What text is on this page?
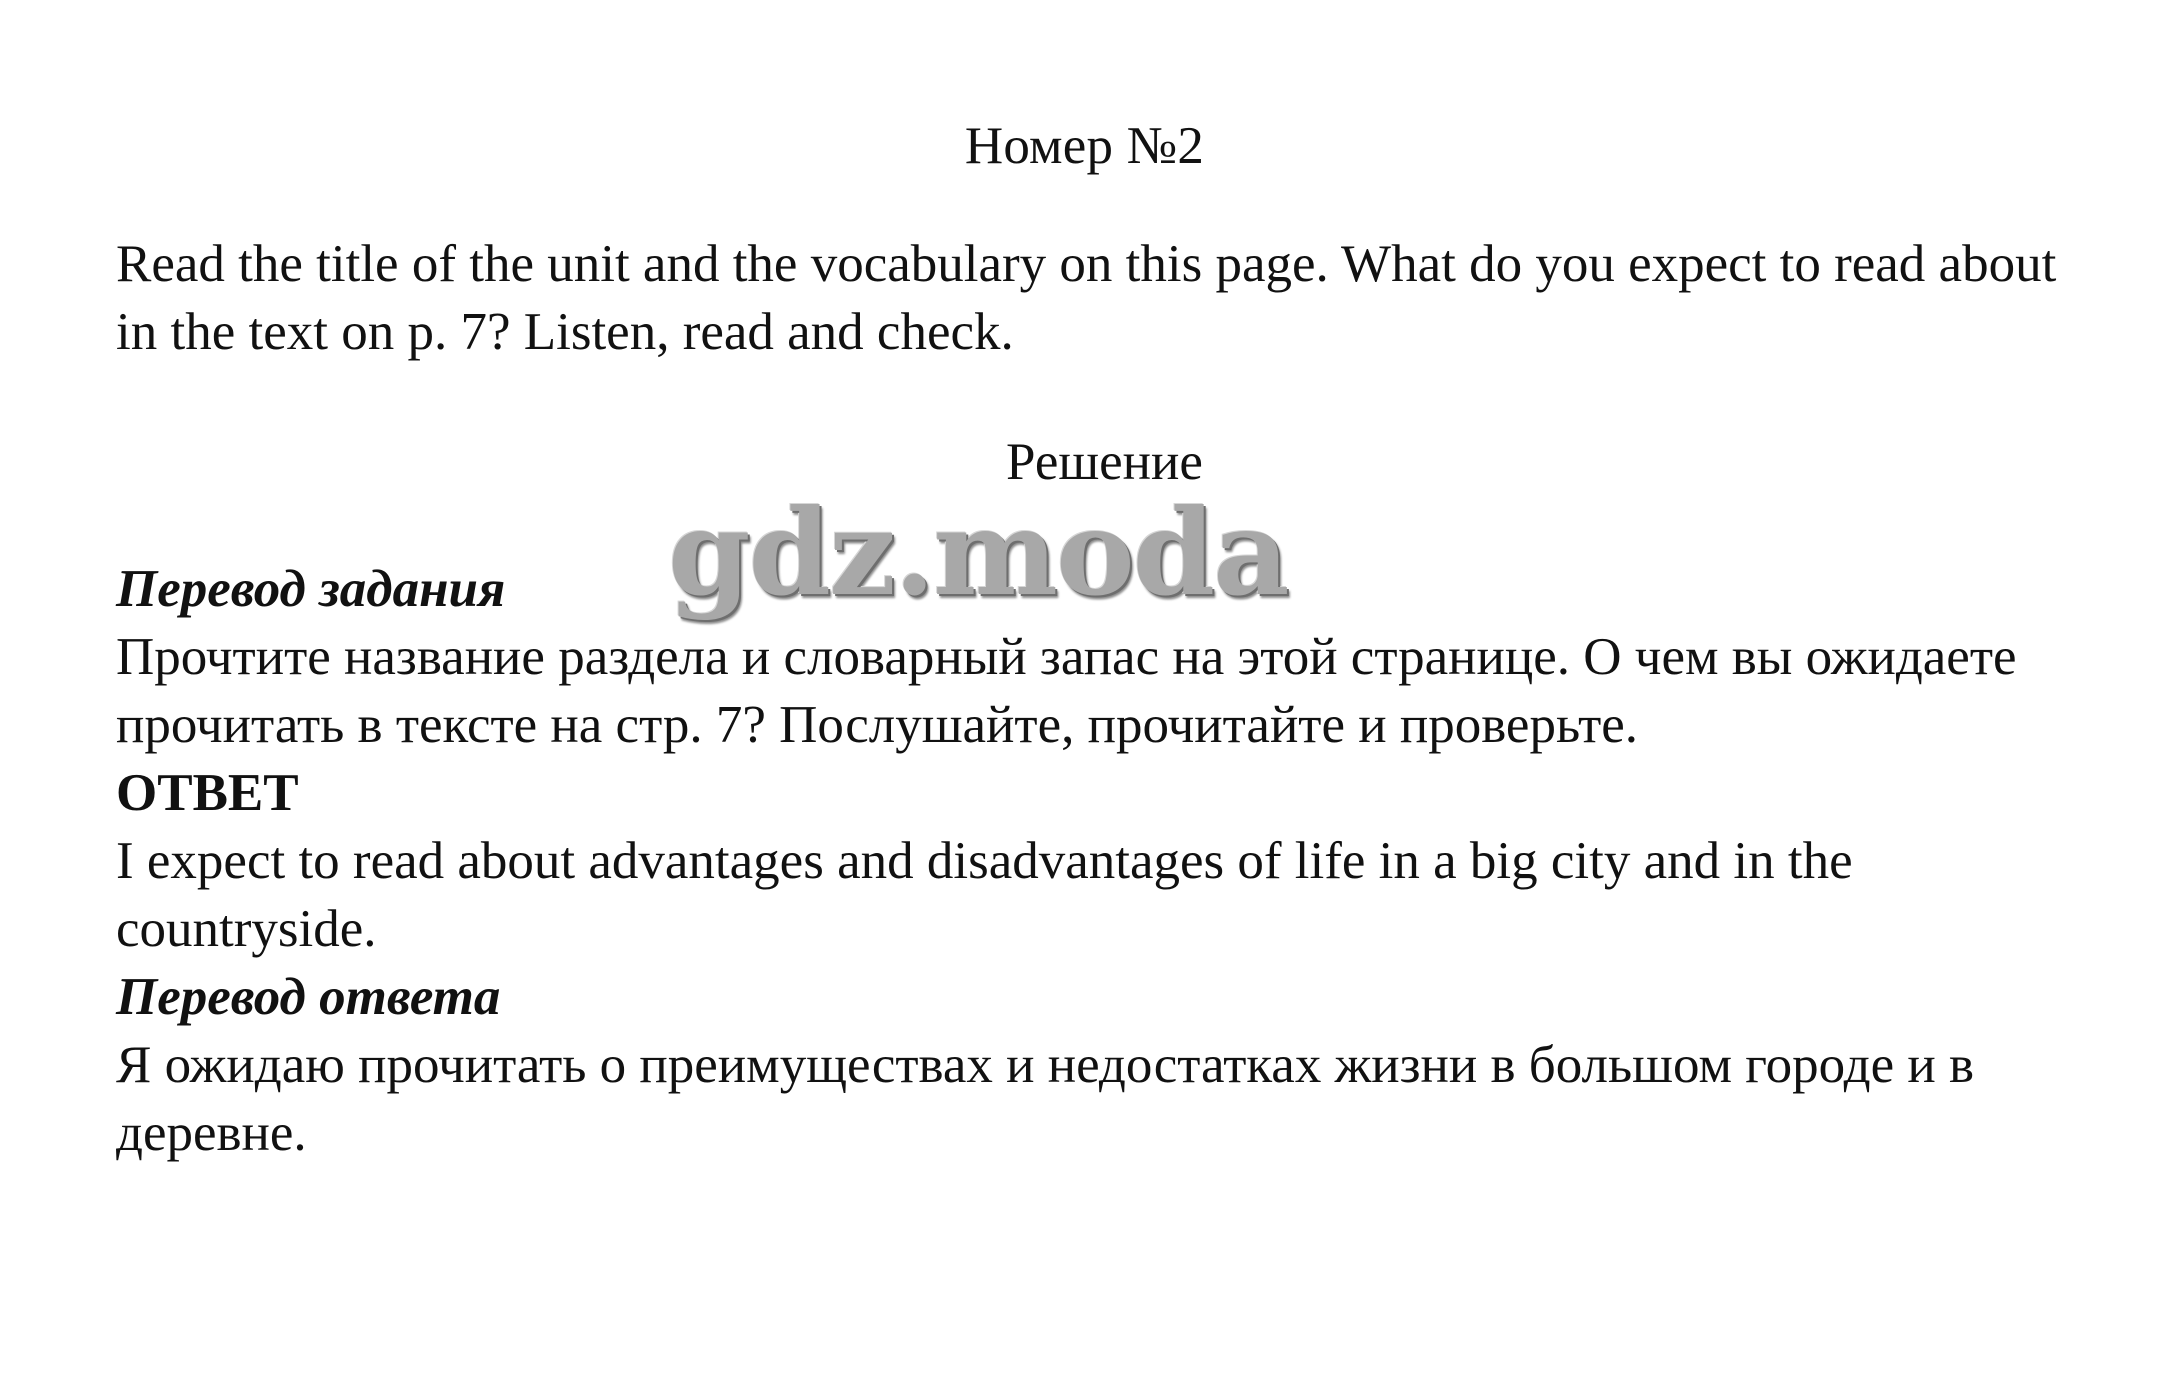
Номер №2
Read the title of the unit and the vocabulary on this page. What do you expect to read about in the text on p. 7? Listen, read and check.
Решение
Перевод задания
Прочтите название раздела и словарный запас на этой странице. О чем вы ожидаете прочитать в тексте на стр. 7? Послушайте, прочитайте и проверьте.
ОТВЕТ
I expect to read about advantages and disadvantages of life in a big city and in the countryside.
Перевод ответа
Я ожидаю прочитать о преимуществах и недостатках жизни в большом городе и в деревне.
gdz.moda
